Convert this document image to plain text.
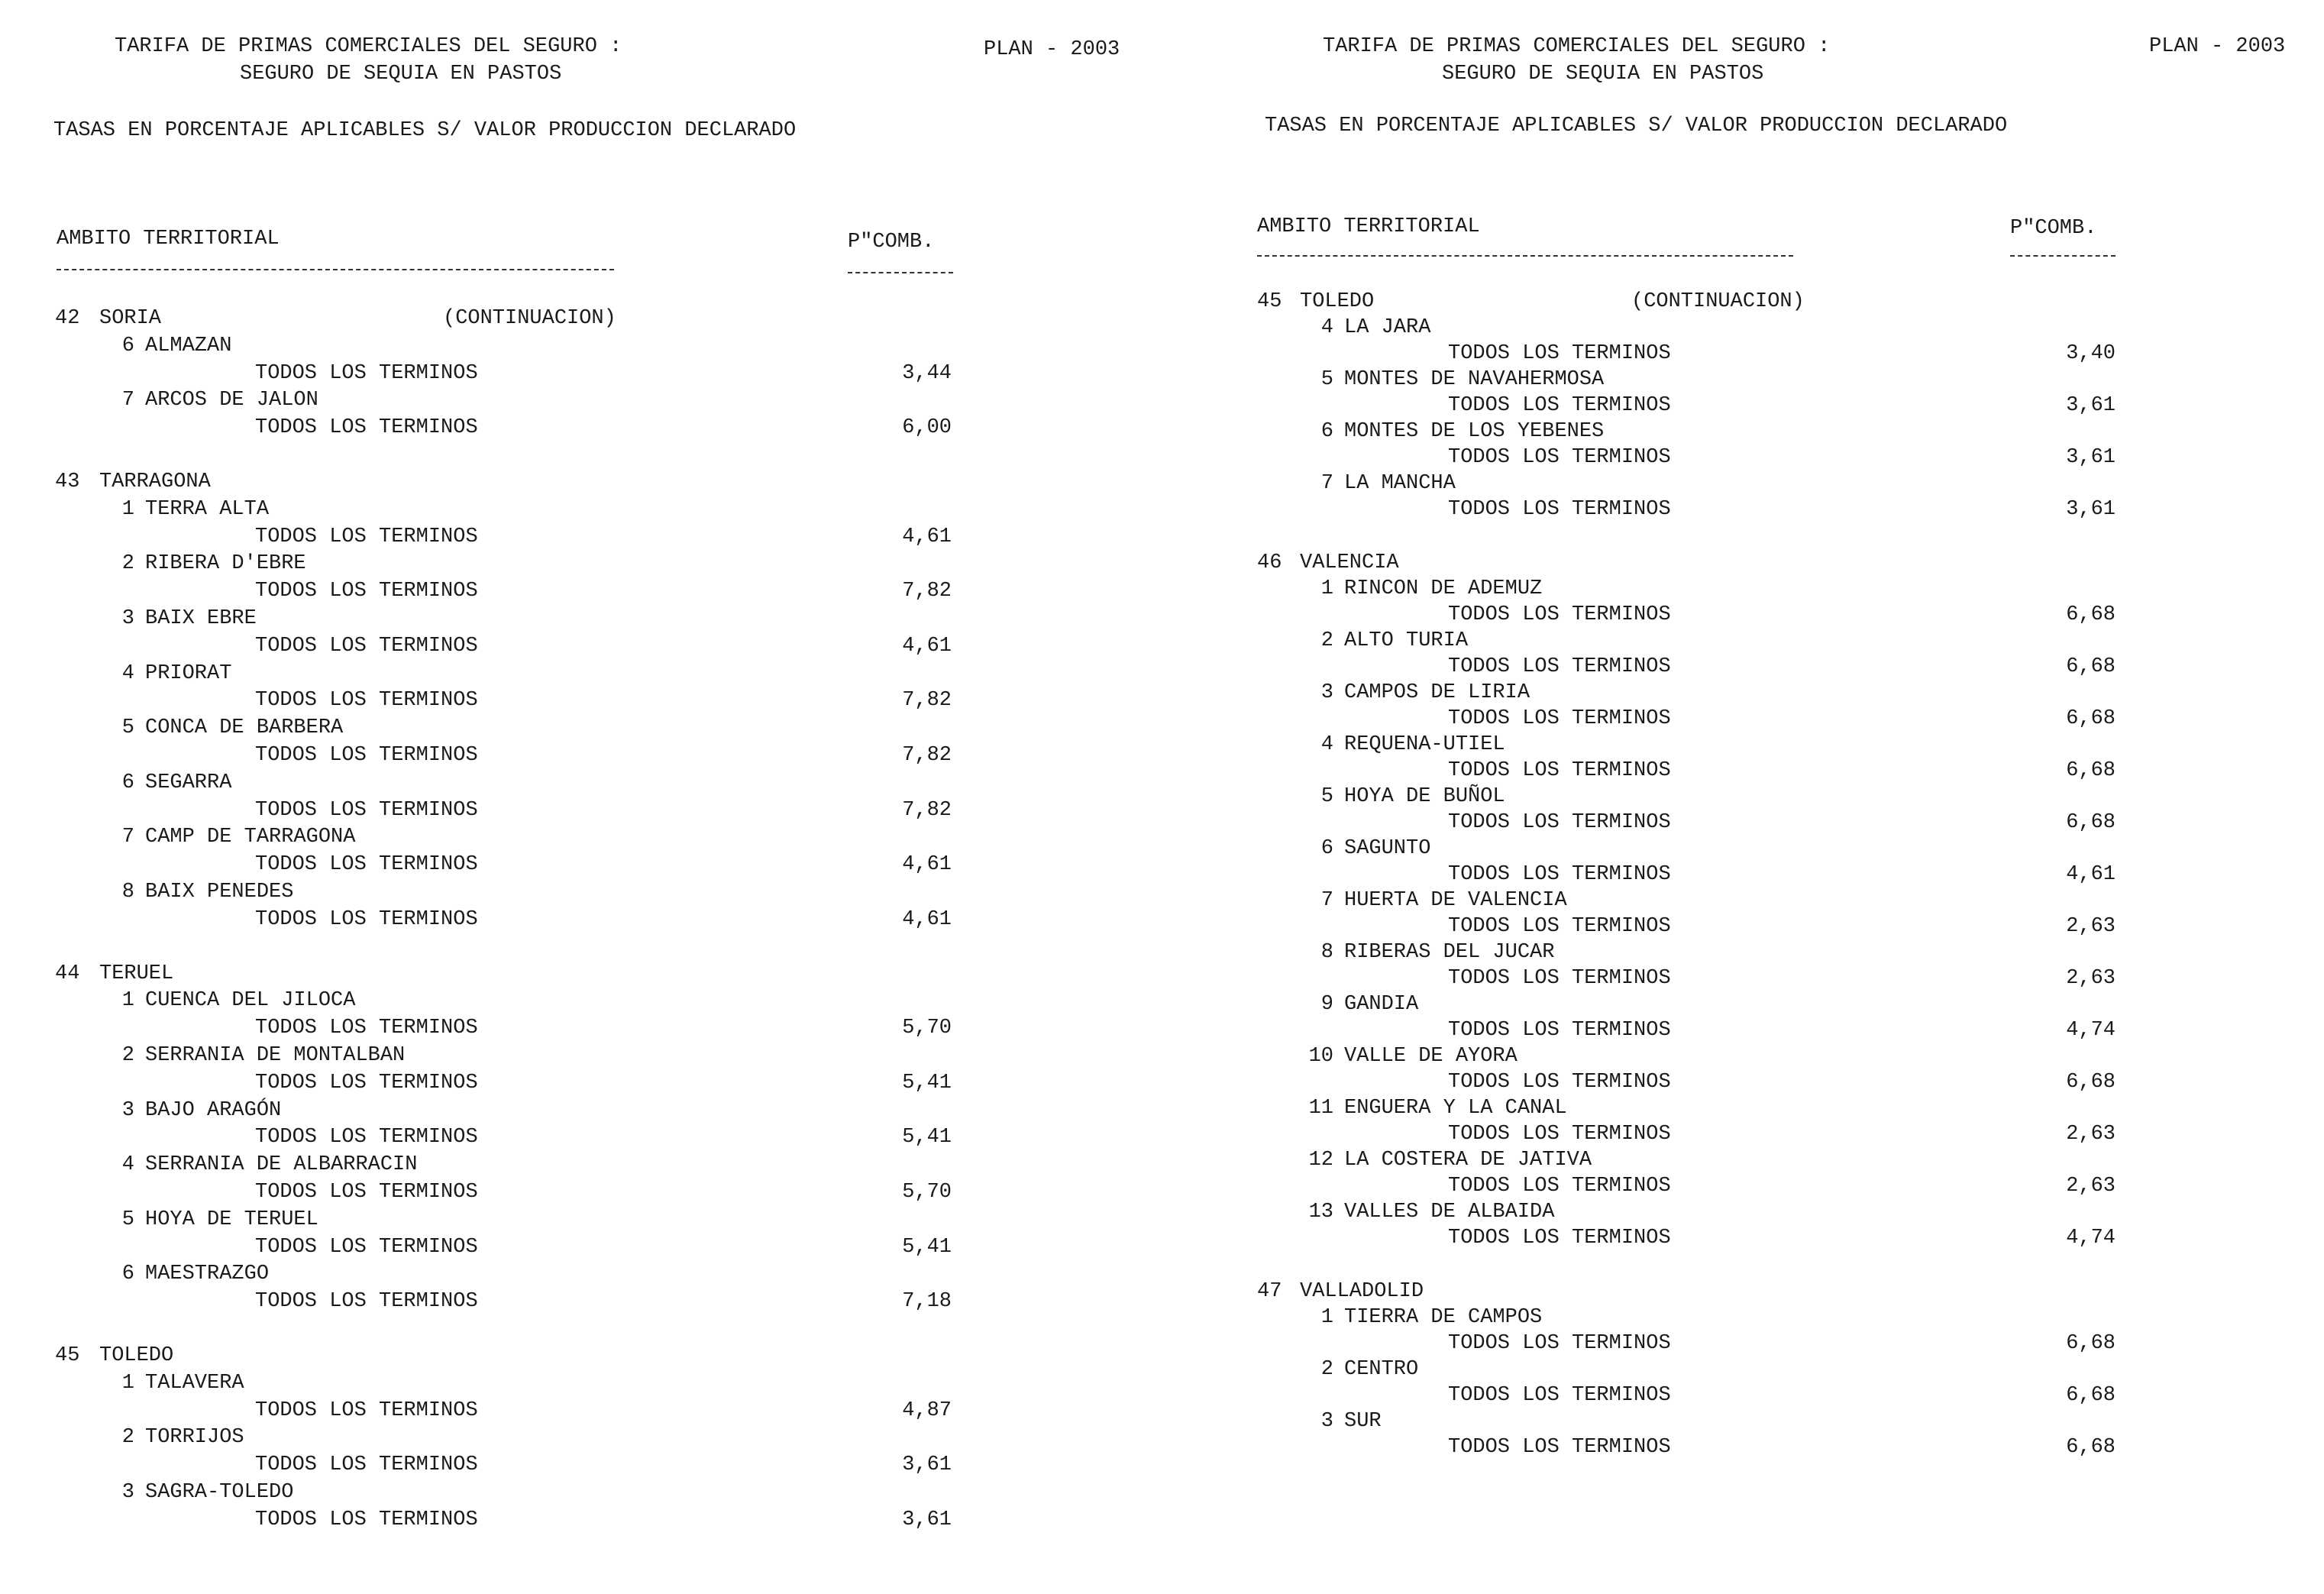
TARIFA DE PRIMAS COMERCIALES DEL SEGURO :
SEGURO DE SEQUIA EN PASTOS
PLAN - 2003
TASAS EN PORCENTAJE APLICABLES S/ VALOR PRODUCCION DECLARADO
AMBITO TERRITORIAL	P"COMB.
42 SORIA	(CONTINUACION)
6 ALMAZAN
TODOS LOS TERMINOS	3,44
7 ARCOS DE JALON
TODOS LOS TERMINOS	6,00
43 TARRAGONA
1 TERRA ALTA
TODOS LOS TERMINOS	4,61
2 RIBERA D'EBRE
TODOS LOS TERMINOS	7,82
3 BAIX EBRE
TODOS LOS TERMINOS	4,61
4 PRIORAT
TODOS LOS TERMINOS	7,82
5 CONCA DE BARBERA
TODOS LOS TERMINOS	7,82
6 SEGARRA
TODOS LOS TERMINOS	7,82
7 CAMP DE TARRAGONA
TODOS LOS TERMINOS	4,61
8 BAIX PENEDES
TODOS LOS TERMINOS	4,61
44 TERUEL
1 CUENCA DEL JILOCA
TODOS LOS TERMINOS	5,70
2 SERRANIA DE MONTALBAN
TODOS LOS TERMINOS	5,41
3 BAJO ARAGÓN
TODOS LOS TERMINOS	5,41
4 SERRANIA DE ALBARRACIN
TODOS LOS TERMINOS	5,70
5 HOYA DE TERUEL
TODOS LOS TERMINOS	5,41
6 MAESTRAZGO
TODOS LOS TERMINOS	7,18
45 TOLEDO
1 TALAVERA
TODOS LOS TERMINOS	4,87
2 TORRIJOS
TODOS LOS TERMINOS	3,61
3 SAGRA-TOLEDO
TODOS LOS TERMINOS	3,61
TARIFA DE PRIMAS COMERCIALES DEL SEGURO :
SEGURO DE SEQUIA EN PASTOS
PLAN - 2003
TASAS EN PORCENTAJE APLICABLES S/ VALOR PRODUCCION DECLARADO
AMBITO TERRITORIAL	P"COMB.
45 TOLEDO	(CONTINUACION)
4 LA JARA
TODOS LOS TERMINOS	3,40
5 MONTES DE NAVAHERMOSA
TODOS LOS TERMINOS	3,61
6 MONTES DE LOS YEBENES
TODOS LOS TERMINOS	3,61
7 LA MANCHA
TODOS LOS TERMINOS	3,61
46 VALENCIA
1 RINCON DE ADEMUZ
TODOS LOS TERMINOS	6,68
2 ALTO TURIA
TODOS LOS TERMINOS	6,68
3 CAMPOS DE LIRIA
TODOS LOS TERMINOS	6,68
4 REQUENA-UTIEL
TODOS LOS TERMINOS	6,68
5 HOYA DE BUÑOL
TODOS LOS TERMINOS	6,68
6 SAGUNTO
TODOS LOS TERMINOS	4,61
7 HUERTA DE VALENCIA
TODOS LOS TERMINOS	2,63
8 RIBERAS DEL JUCAR
TODOS LOS TERMINOS	2,63
9 GANDIA
TODOS LOS TERMINOS	4,74
10 VALLE DE AYORA
TODOS LOS TERMINOS	6,68
11 ENGUERA Y LA CANAL
TODOS LOS TERMINOS	2,63
12 LA COSTERA DE JATIVA
TODOS LOS TERMINOS	2,63
13 VALLES DE ALBAIDA
TODOS LOS TERMINOS	4,74
47 VALLADOLID
1 TIERRA DE CAMPOS
TODOS LOS TERMINOS	6,68
2 CENTRO
TODOS LOS TERMINOS	6,68
3 SUR
TODOS LOS TERMINOS	6,68
